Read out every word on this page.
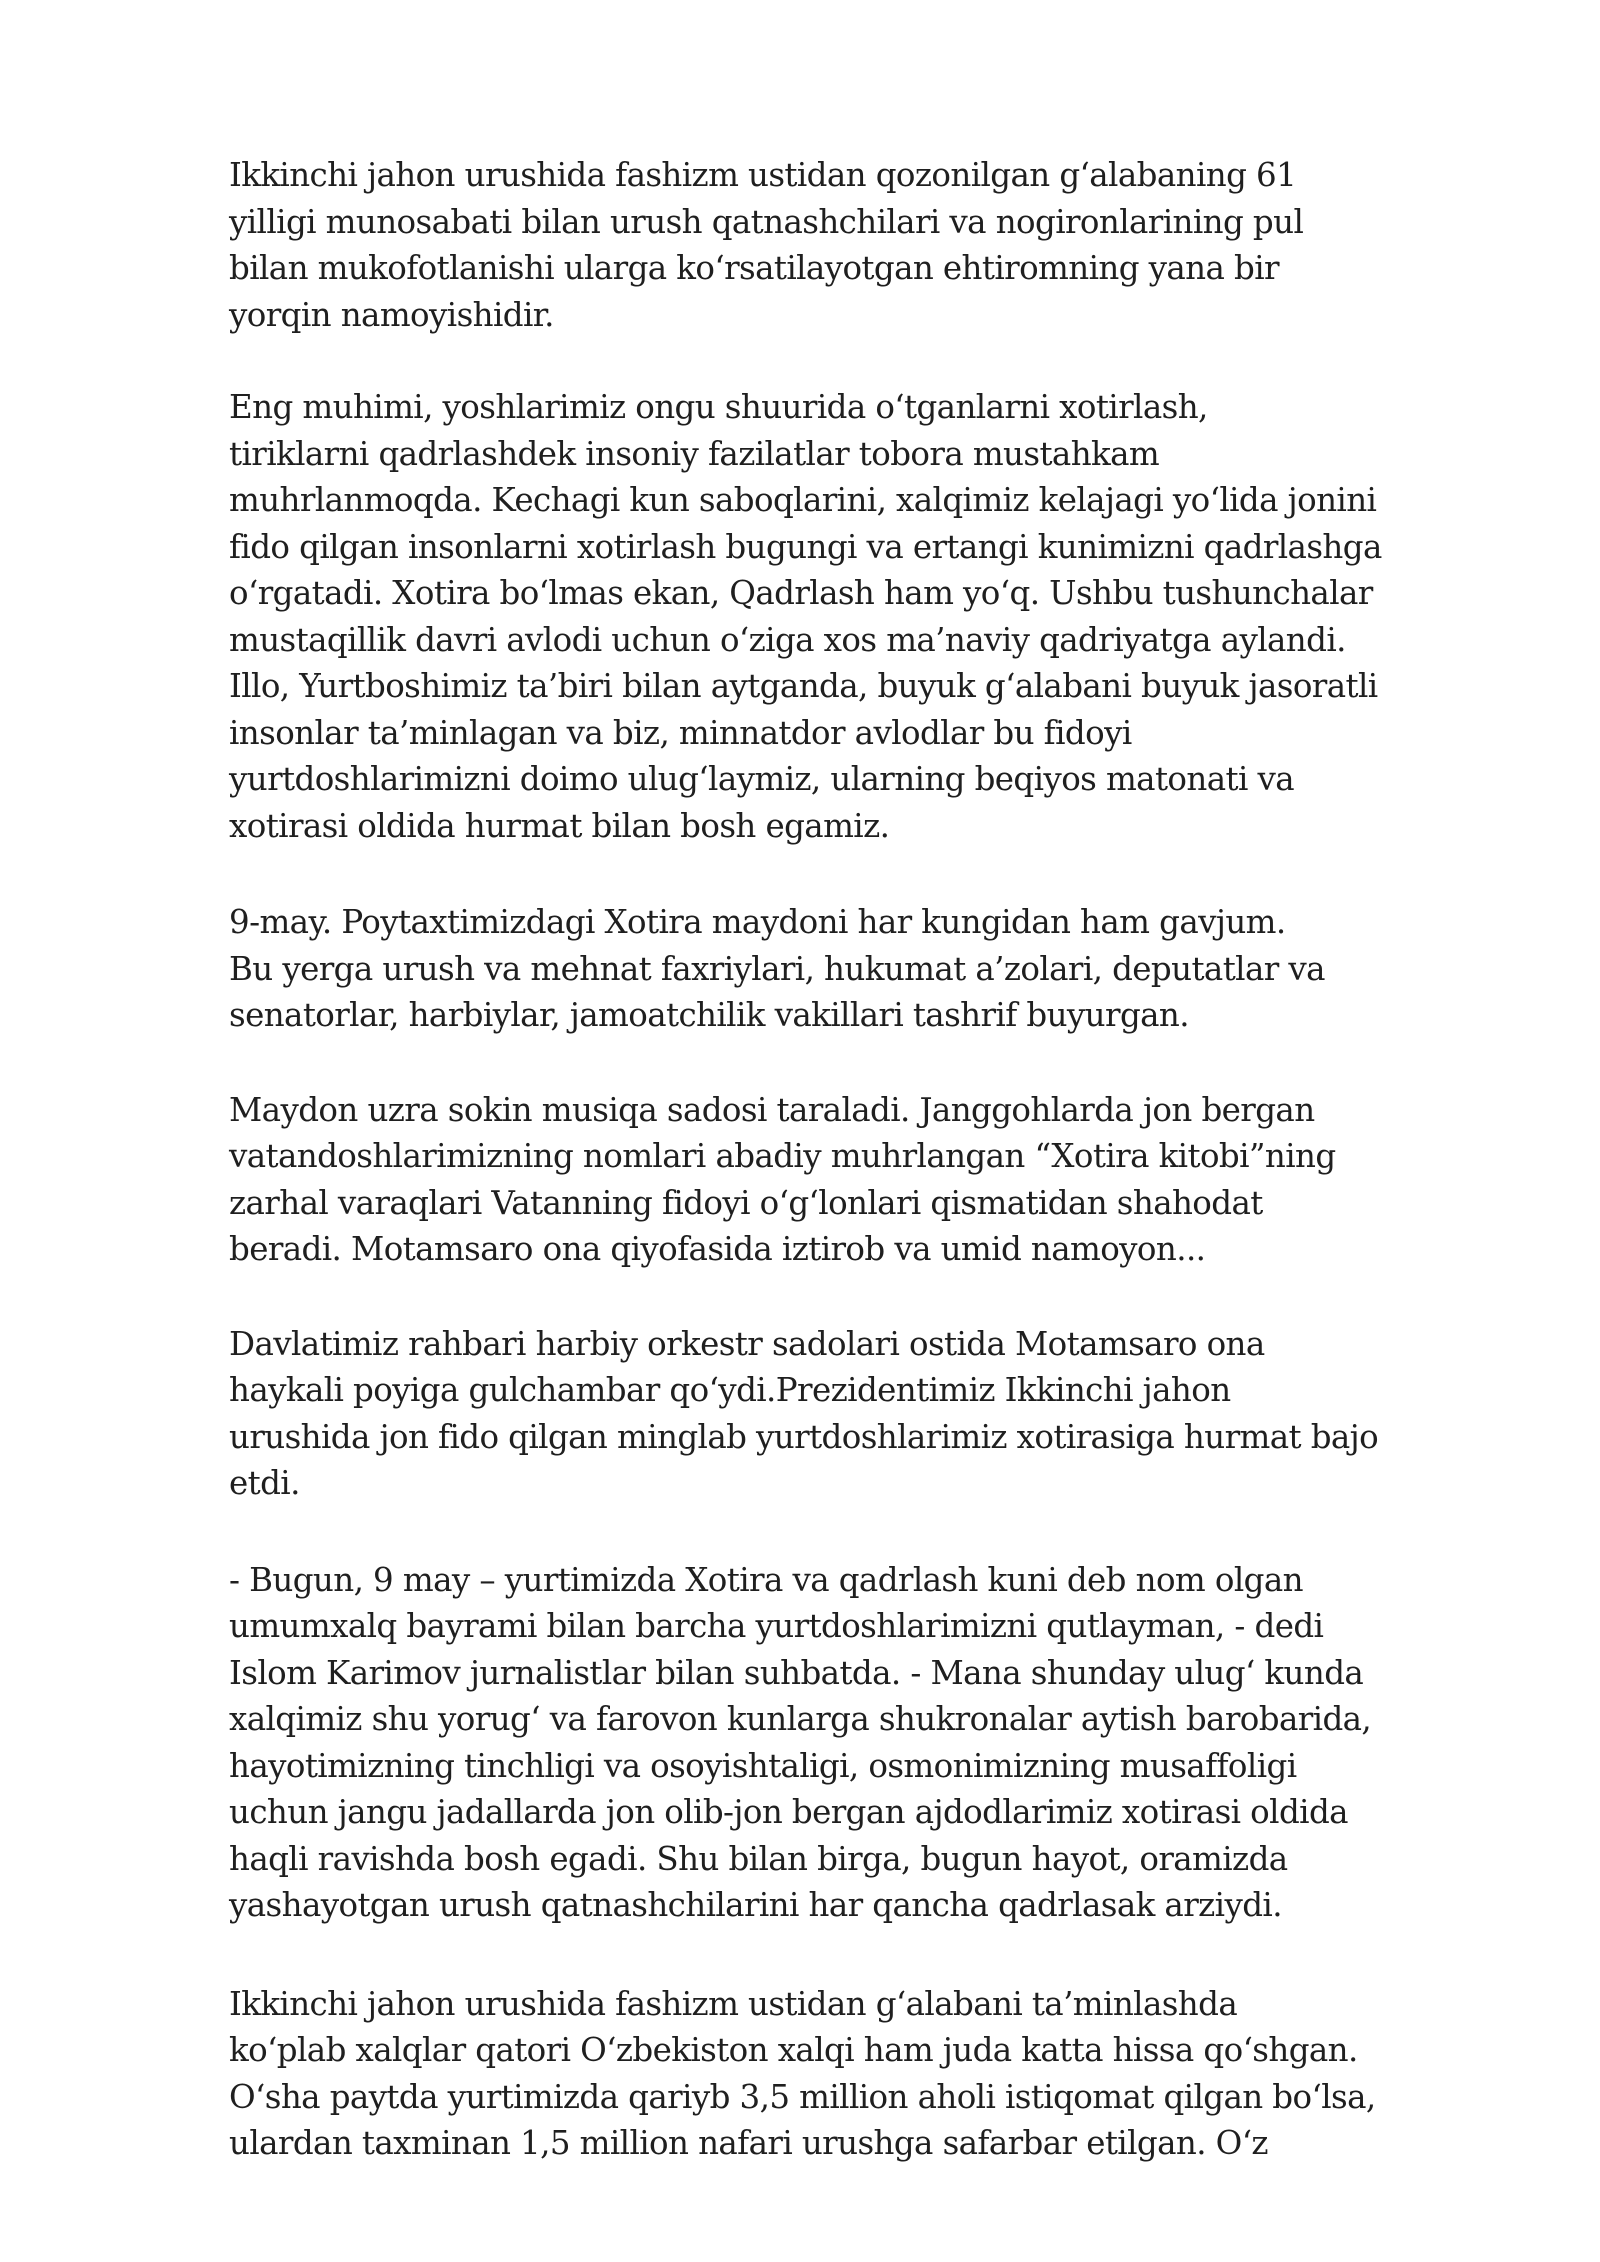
Ikkinchi jahon urushida fashizm ustidan qozonilgan g‘alabaning 61
yilligi munosabati bilan urush qatnashchilari va nogironlarining pul
bilan mukofotlanishi ularga ko‘rsatilayotgan ehtiromning yana bir
yorqin namoyishidir.

Eng muhimi, yoshlarimiz ongu shuurida o‘tganlarni xotirlash,
tiriklarni qadrlashdek insoniy fazilatlar tobora mustahkam
muhrlanmoqda. Kechagi kun saboqlarini, xalqimiz kelajagi yo‘lida jonini
fido qilgan insonlarni xotirlash bugungi va ertangi kunimizni qadrlashga
o‘rgatadi. Xotira bo‘lmas ekan, Qadrlash ham yo‘q. Ushbu tushunchalar
mustaqillik davri avlodi uchun o‘ziga xos ma’naviy qadriyatga aylandi.
Illo, Yurtboshimiz ta’biri bilan aytganda, buyuk g‘alabani buyuk jasoratli
insonlar ta’minlagan va biz, minnatdor avlodlar bu fidoyi
yurtdoshlarimizni doimo ulug‘laymiz, ularning beqiyos matonati va
xotirasi oldida hurmat bilan bosh egamiz.

9-may. Poytaxtimizdagi Xotira maydoni har kungidan ham gavjum.
Bu yerga urush va mehnat faxriylari, hukumat a’zolari, deputatlar va
senatorlar, harbiylar, jamoatchilik vakillari tashrif buyurgan.

Maydon uzra sokin musiqa sadosi taraladi. Janggohlarda jon bergan
vatandoshlarimizning nomlari abadiy muhrlangan “Xotira kitobi”ning
zarhal varaqlari Vatanning fidoyi o‘g‘lonlari qismatidan shahodat
beradi. Motamsaro ona qiyofasida iztirob va umid namoyon...

Davlatimiz rahbari harbiy orkestr sadolari ostida Motamsaro ona
haykali poyiga gulchambar qo‘ydi.Prezidentimiz Ikkinchi jahon
urushida jon fido qilgan minglab yurtdoshlarimiz xotirasiga hurmat bajo
etdi.

- Bugun, 9 may – yurtimizda Xotira va qadrlash kuni deb nom olgan
umumxalq bayrami bilan barcha yurtdoshlarimizni qutlayman, - dedi
Islom Karimov jurnalistlar bilan suhbatda. - Mana shunday ulug‘ kunda
xalqimiz shu yorug‘ va farovon kunlarga shukronalar aytish barobarida,
hayotimizning tinchligi va osoyishtaligi, osmonimizning musaffoligi
uchun jangu jadallarda jon olib-jon bergan ajdodlarimiz xotirasi oldida
haqli ravishda bosh egadi. Shu bilan birga, bugun hayot, oramizda
yashayotgan urush qatnashchilarini har qancha qadrlasak arziydi.

Ikkinchi jahon urushida fashizm ustidan g‘alabani ta’minlashda
ko‘plab xalqlar qatori O‘zbekiston xalqi ham juda katta hissa qo‘shgan.
O‘sha paytda yurtimizda qariyb 3,5 million aholi istiqomat qilgan bo‘lsa,
ulardan taxminan 1,5 million nafari urushga safarbar etilgan. O‘z
